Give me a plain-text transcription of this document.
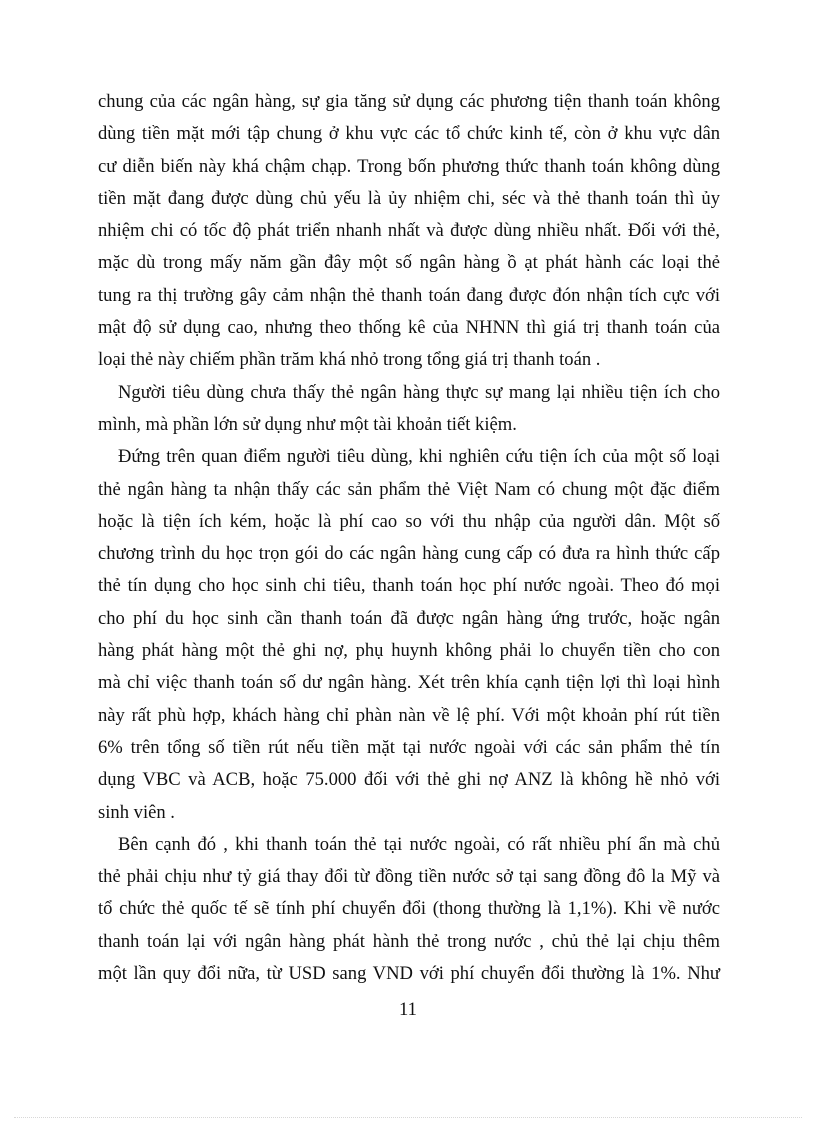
chung của các ngân hàng, sự gia tăng sử dụng các phương tiện thanh toán không
dùng tiền mặt mới tập chung ở khu vực các tổ chức kinh tế, còn ở khu vực dân
cư diễn biến này khá chậm chạp. Trong bốn phương thức thanh toán không dùng
tiền mặt đang được dùng chủ yếu là ủy nhiệm chi, séc và thẻ thanh toán thì ủy
nhiệm chi có tốc độ phát triển nhanh nhất và được dùng nhiều nhất. Đối với thẻ,
mặc dù trong mấy năm gần đây một số ngân hàng ồ ạt phát hành các loại thẻ
tung ra thị trường gây cảm nhận thẻ thanh toán đang được đón nhận tích cực với
mật độ sử dụng cao, nhưng theo thống kê của NHNN thì giá trị thanh toán của
loại thẻ này chiếm phần trăm khá nhỏ trong tổng giá trị thanh toán .
Người tiêu dùng chưa thấy thẻ ngân hàng thực sự mang lại nhiều tiện ích cho
mình, mà phần lớn sử dụng như một tài khoản tiết kiệm.
Đứng trên quan điểm người tiêu dùng, khi nghiên cứu tiện ích của một số loại
thẻ ngân hàng ta nhận thấy các sản phẩm thẻ Việt Nam có chung một đặc điểm
hoặc là tiện ích kém, hoặc là phí cao so với thu nhập của người dân. Một số
chương trình du học trọn gói do các ngân hàng cung cấp có đưa ra hình thức cấp
thẻ tín dụng cho học sinh chi tiêu, thanh toán học phí nước ngoài. Theo đó mọi
cho phí du học sinh cần thanh toán đã được ngân hàng ứng trước, hoặc ngân
hàng phát hàng một thẻ ghi nợ, phụ huynh không phải lo chuyển tiền cho con
mà chỉ việc thanh toán số dư ngân hàng. Xét trên khía cạnh tiện lợi thì loại hình
này rất phù hợp, khách hàng chỉ phàn nàn về lệ phí. Với một khoản phí rút tiền
6% trên tổng số tiền rút nếu tiền mặt tại nước ngoài với các sản phẩm thẻ tín
dụng VBC và ACB, hoặc 75.000 đối với thẻ ghi nợ ANZ là không hề nhỏ với
sinh viên .
Bên cạnh đó , khi thanh toán thẻ tại nước ngoài, có rất nhiều phí ẩn mà chủ
thẻ phải chịu như tỷ giá thay đổi từ đồng tiền nước sở tại sang đồng đô la Mỹ và
tổ chức thẻ quốc tế sẽ tính phí chuyển đổi (thong thường là 1,1%). Khi về nước
thanh toán lại với ngân hàng phát hành thẻ trong nước , chủ thẻ lại chịu thêm
một lần quy đổi nữa, từ USD sang VND với phí chuyển đổi thường là 1%. Như
11
